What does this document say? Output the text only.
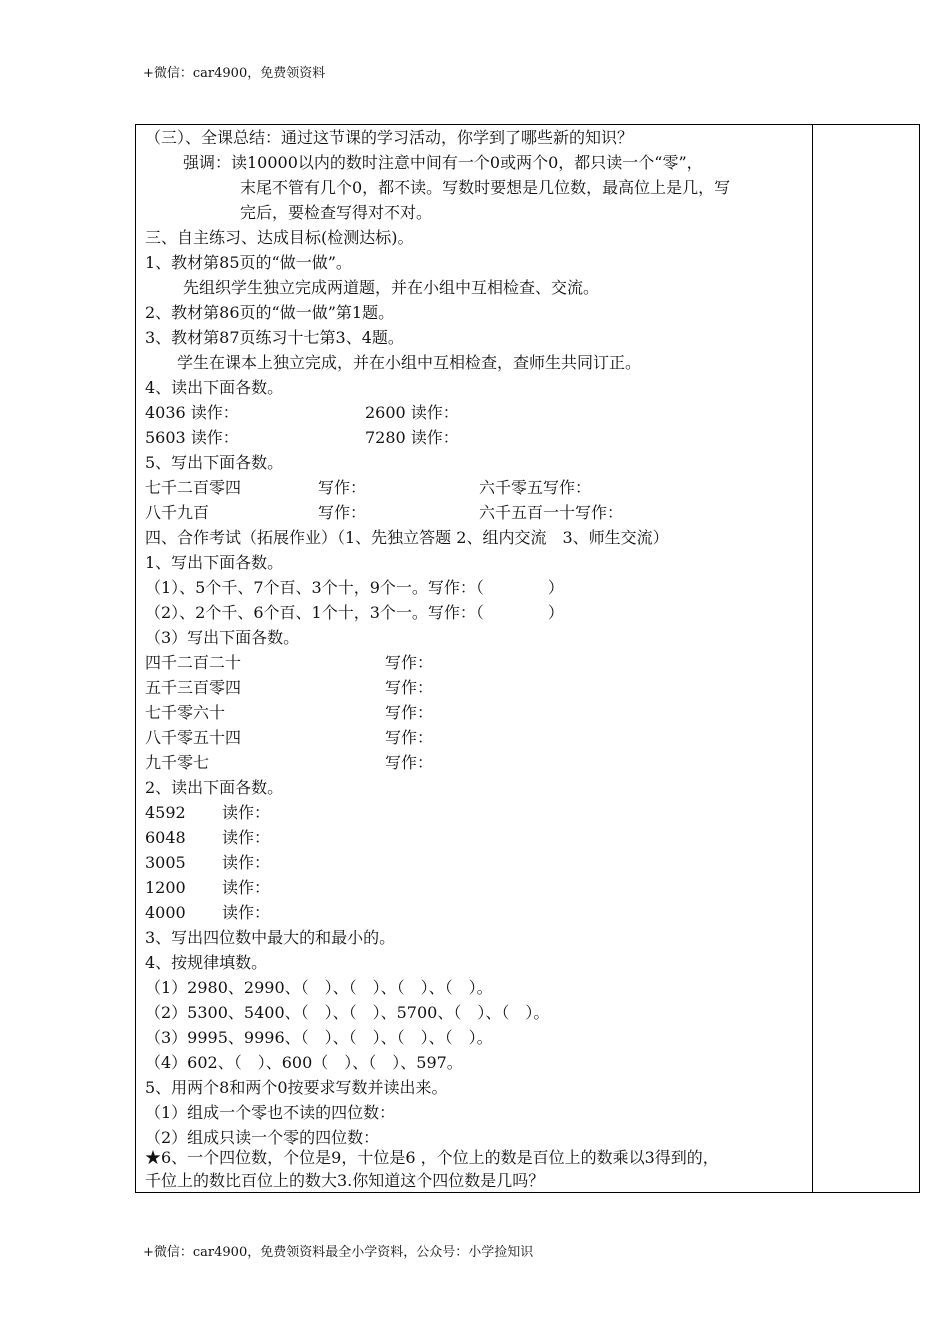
+微信：car4900，免费领资料
（三）、全课总结：通过这节课的学习活动，你学到了哪些新的知识？
强调：读10000以内的数时注意中间有一个0或两个0，都只读一个“零”，
末尾不管有几个0，都不读。写数时要想是几位数，最高位上是几，写
完后，要检查写得对不对。
三、自主练习、达成目标(检测达标)。
1、教材第85页的“做一做”。
先组织学生独立完成两道题，并在小组中互相检查、交流。
2、教材第86页的“做一做”第1题。
3、教材第87页练习十七第3、4题。
学生在课本上独立完成，并在小组中互相检查，查师生共同订正。
4、读出下面各数。
4036 读作：	2600 读作：
5603 读作：	7280 读作：
5、写出下面各数。
七千二百零四	写作：	六千零五写作：
八千九百	写作：	六千五百一十写作：
四、合作考试（拓展作业）（1、先独立答题 2、组内交流　3、师生交流）
1、写出下面各数。
（1）、5个千、7个百、3个十，9个一。写作：（　　　　）
（2）、2个千、6个百、1个十，3个一。写作：（　　　　）
（3）写出下面各数。
四千二百二十	写作：
五千三百零四	写作：
七千零六十	写作：
八千零五十四	写作：
九千零七	写作：
2、读出下面各数。
4592 读作：
6048 读作：
3005 读作：
1200 读作：
4000 读作：
3、写出四位数中最大的和最小的。
4、按规律填数。
（1）2980、2990、（　）、（　）、（　）、（　）。
（2）5300、5400、（　）、（　）、5700、（　）、（　）。
（3）9995、9996、（　）、（　）、（　）、（　）。
（4）602、（　）、600（　）、（　）、597。
5、用两个8和两个0按要求写数并读出来。
（1）组成一个零也不读的四位数：
（2）组成只读一个零的四位数：
★6、一个四位数，个位是9，十位是6 ，个位上的数是百位上的数乘以3得到的，
千位上的数比百位上的数大3.你知道这个四位数是几吗？
+微信：car4900，免费领资料最全小学资料，公众号：小学捡知识
